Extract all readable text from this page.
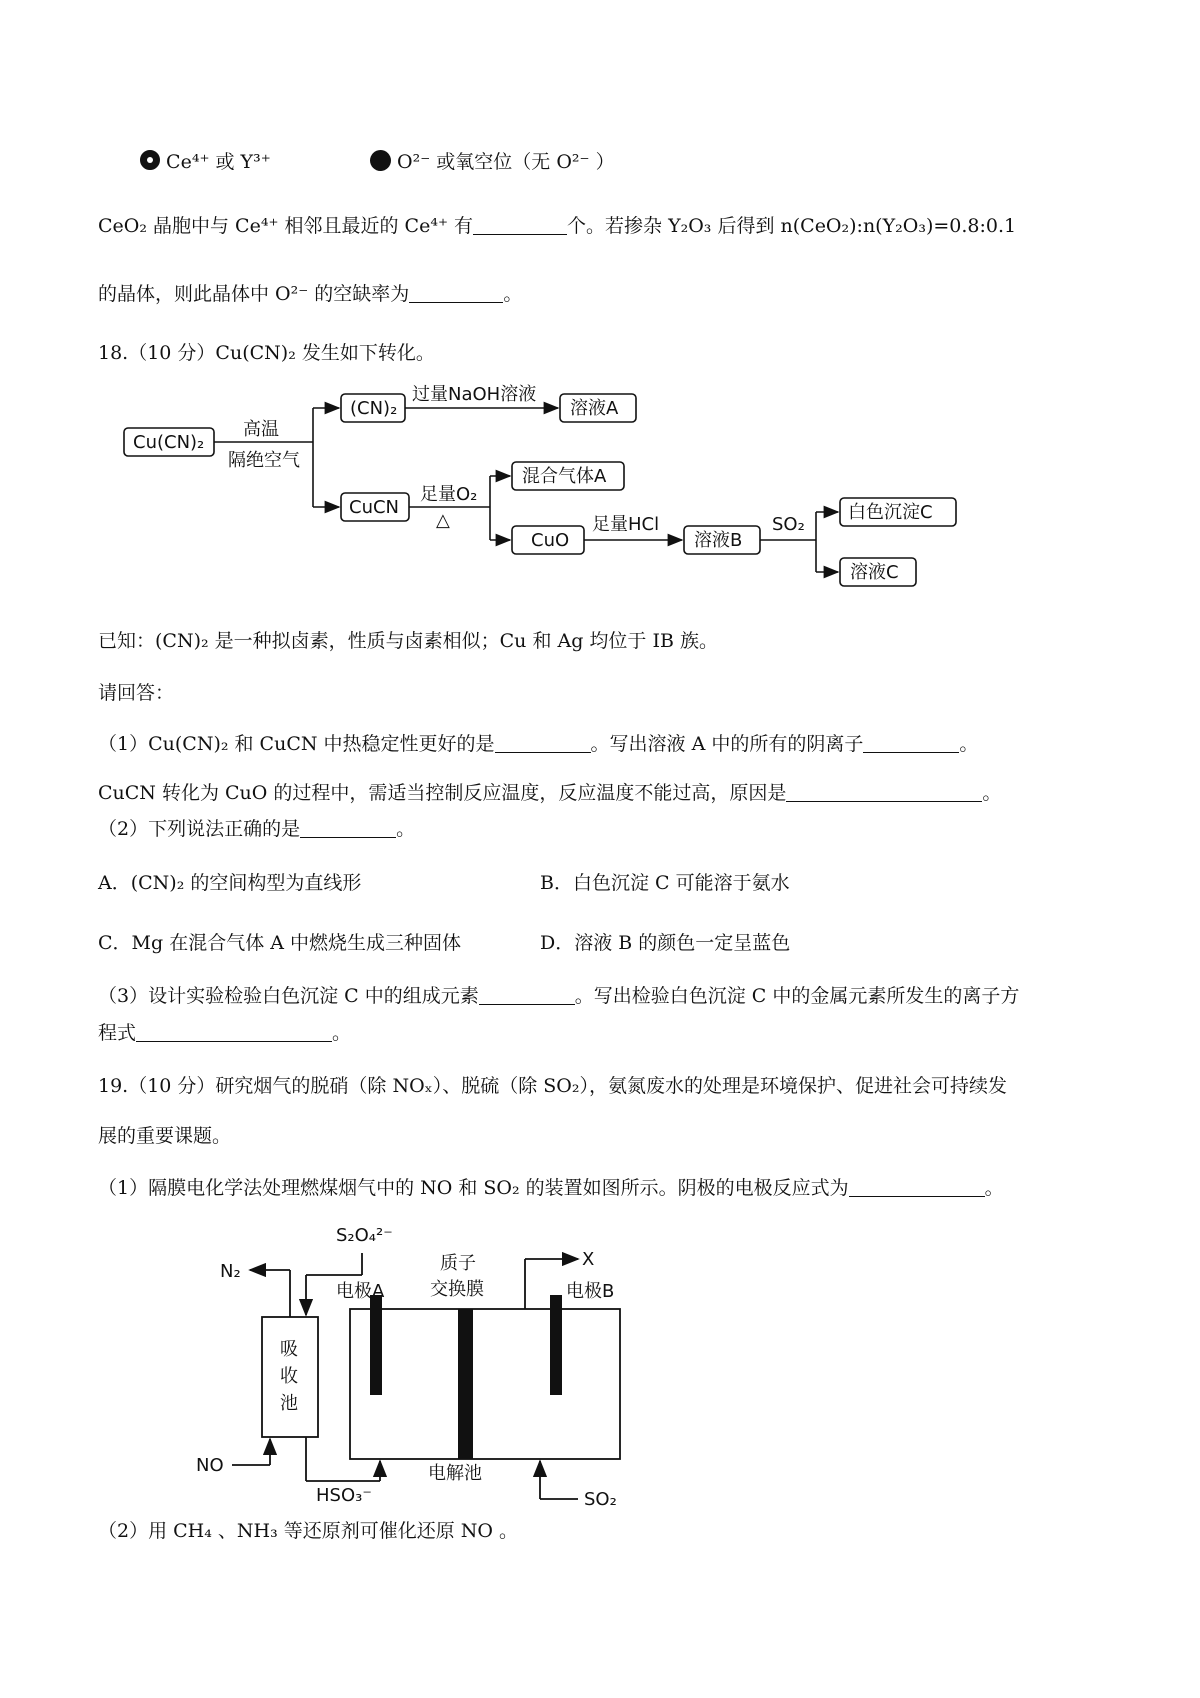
Ce⁴⁺ 或 Y³⁺	O²⁻ 或氧空位（无 O²⁻ ）
CeO₂ 晶胞中与 Ce⁴⁺ 相邻且最近的 Ce⁴⁺ 有	个。若掺杂 Y₂O₃ 后得到 n(CeO₂):n(Y₂O₃)=0.8:0.1
的晶体，则此晶体中 O²⁻ 的空缺率为	。
18.（10 分）Cu(CN)₂ 发生如下转化。
Cu(CN)₂
高温
隔绝空气
(CN)₂
过量NaOH溶液
溶液A
CuCN
足量O₂
△
混合气体A
CuO
足量HCl
溶液B
SO₂
白色沉淀C
溶液C
已知：(CN)₂ 是一种拟卤素，性质与卤素相似；Cu 和 Ag 均位于 IB 族。
请回答：
（1）Cu(CN)₂ 和 CuCN 中热稳定性更好的是	。写出溶液 A 中的所有的阴离子	。
CuCN 转化为 CuO 的过程中，需适当控制反应温度，反应温度不能过高，原因是	。
（2）下列说法正确的是	。
A．(CN)₂ 的空间构型为直线形	B．白色沉淀 C 可能溶于氨水
C．Mg 在混合气体 A 中燃烧生成三种固体	D．溶液 B 的颜色一定呈蓝色
（3）设计实验检验白色沉淀 C 中的组成元素	。写出检验白色沉淀 C 中的金属元素所发生的离子方
程式	。
19.（10 分）研究烟气的脱硝（除 NOₓ）、脱硫（除 SO₂），氨氮废水的处理是环境保护、促进社会可持续发
展的重要课题。
（1）隔膜电化学法处理燃煤烟气中的 NO 和 SO₂ 的装置如图所示。阴极的电极反应式为	。
S₂O₄²⁻
N₂
电极A
质子
交换膜
X
电极B
吸
收
池
NO
HSO₃⁻
电解池
SO₂
（2）用 CH₄ 、NH₃ 等还原剂可催化还原 NO 。
